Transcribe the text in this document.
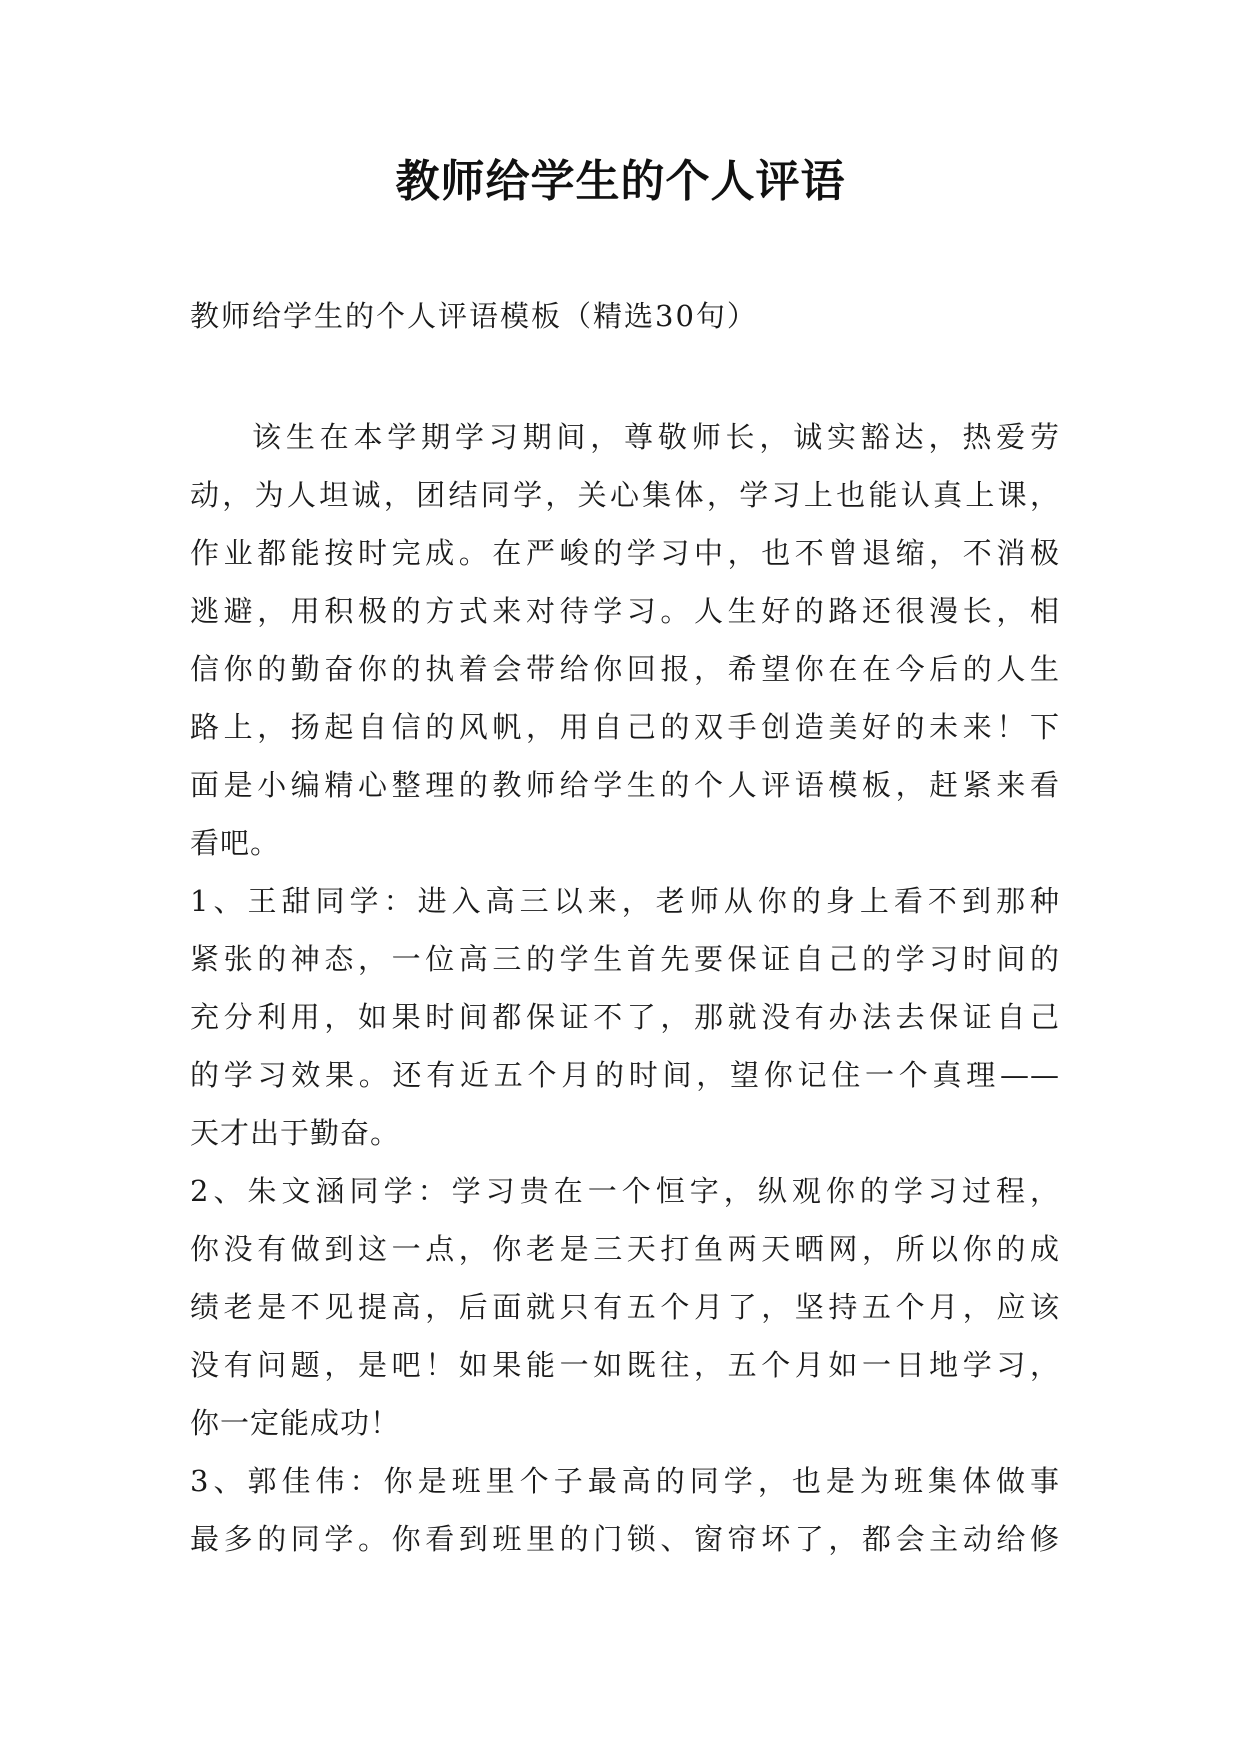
教师给学生的个人评语
教师给学生的个人评语模板（精选30句）
该生在本学期学习期间，尊敬师长，诚实豁达，热爱劳
动，为人坦诚，团结同学，关心集体，学习上也能认真上课，
作业都能按时完成。在严峻的学习中，也不曾退缩，不消极
逃避，用积极的方式来对待学习。人生好的路还很漫长，相
信你的勤奋你的执着会带给你回报，希望你在在今后的人生
路上，扬起自信的风帆，用自己的双手创造美好的未来！下
面是小编精心整理的教师给学生的个人评语模板，赶紧来看
看吧。
1、王甜同学：进入高三以来，老师从你的身上看不到那种
紧张的神态，一位高三的学生首先要保证自己的学习时间的
充分利用，如果时间都保证不了，那就没有办法去保证自己
的学习效果。还有近五个月的时间，望你记住一个真理——
天才出于勤奋。
2、朱文涵同学：学习贵在一个恒字，纵观你的学习过程，
你没有做到这一点，你老是三天打鱼两天晒网，所以你的成
绩老是不见提高，后面就只有五个月了，坚持五个月，应该
没有问题，是吧！如果能一如既往，五个月如一日地学习，
你一定能成功！
3、郭佳伟：你是班里个子最高的同学，也是为班集体做事
最多的同学。你看到班里的门锁、窗帘坏了，都会主动给修
